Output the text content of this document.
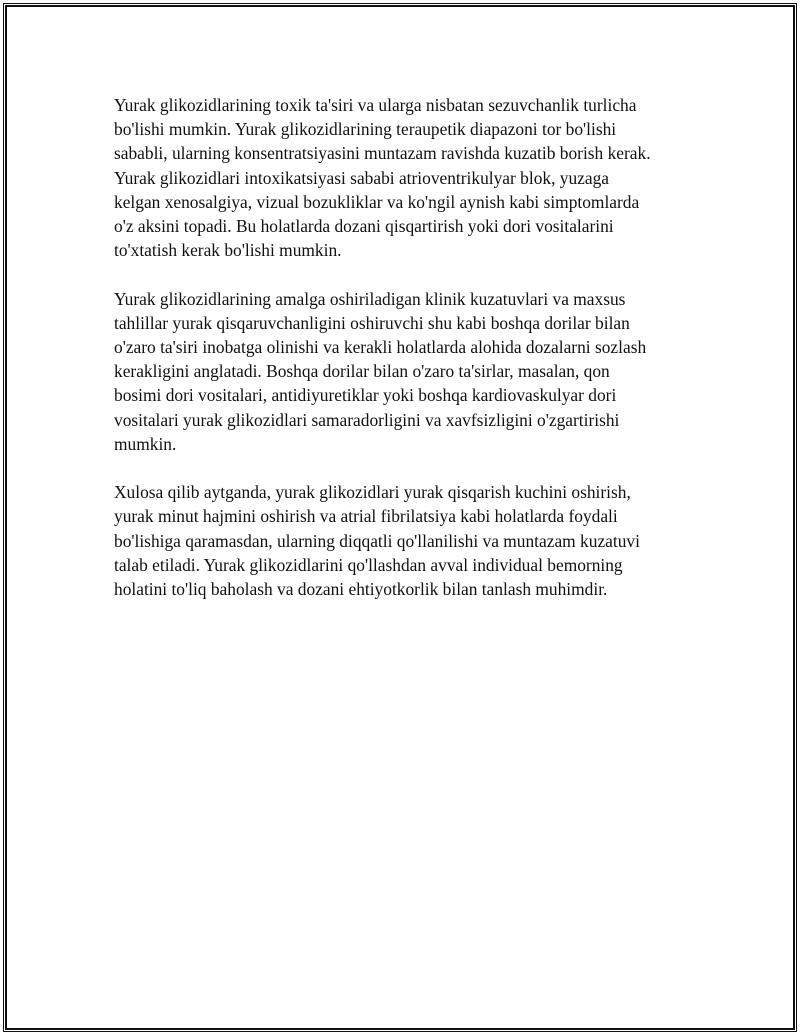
Yurak glikozidlarining toxik ta'siri va ularga nisbatan sezuvchanlik turlicha
bo'lishi mumkin. Yurak glikozidlarining teraupetik diapazoni tor bo'lishi
sababli, ularning konsentratsiyasini muntazam ravishda kuzatib borish kerak.
Yurak glikozidlari intoxikatsiyasi sababi atrioventrikulyar blok, yuzaga
kelgan xenosalgiya, vizual bozukliklar va ko'ngil aynish kabi simptomlarda
o'z aksini topadi. Bu holatlarda dozani qisqartirish yoki dori vositalarini
to'xtatish kerak bo'lishi mumkin.

Yurak glikozidlarining amalga oshiriladigan klinik kuzatuvlari va maxsus
tahlillar yurak qisqaruvchanligini oshiruvchi shu kabi boshqa dorilar bilan
o'zaro ta'siri inobatga olinishi va kerakli holatlarda alohida dozalarni sozlash
kerakligini anglatadi. Boshqa dorilar bilan o'zaro ta'sirlar, masalan, qon
bosimi dori vositalari, antidiyuretiklar yoki boshqa kardiovaskulyar dori
vositalari yurak glikozidlari samaradorligini va xavfsizligini o'zgartirishi
mumkin.

Xulosa qilib aytganda, yurak glikozidlari yurak qisqarish kuchini oshirish,
yurak minut hajmini oshirish va atrial fibrilatsiya kabi holatlarda foydali
bo'lishiga qaramasdan, ularning diqqatli qo'llanilishi va muntazam kuzatuvi
talab etiladi. Yurak glikozidlarini qo'llashdan avval individual bemorning
holatini to'liq baholash va dozani ehtiyotkorlik bilan tanlash muhimdir.
